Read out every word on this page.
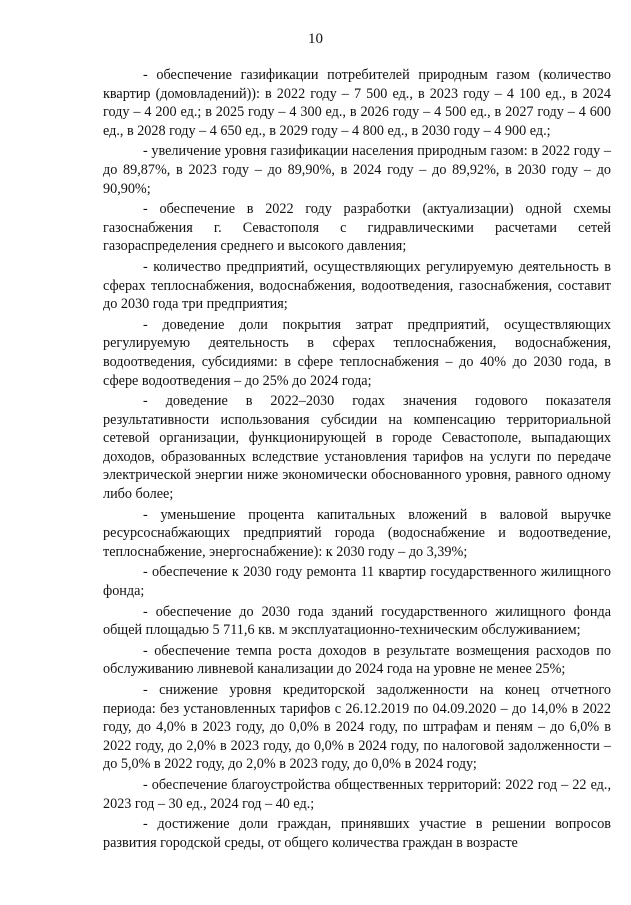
10

- обеспечение газификации потребителей природным газом (количество квартир (домовладений)): в 2022 году – 7 500 ед., в 2023 году – 4 100 ед., в 2024 году – 4 200 ед.; в 2025 году – 4 300 ед., в 2026 году – 4 500 ед., в 2027 году – 4 600 ед., в 2028 году – 4 650 ед., в 2029 году – 4 800 ед., в 2030 году – 4 900 ед.;

- увеличение уровня газификации населения природным газом: в 2022 году – до 89,87%, в 2023 году – до 89,90%, в 2024 году – до 89,92%, в 2030 году – до 90,90%;

- обеспечение в 2022 году разработки (актуализации) одной схемы газоснабжения г. Севастополя с гидравлическими расчетами сетей газораспределения среднего и высокого давления;

- количество предприятий, осуществляющих регулируемую деятельность в сферах теплоснабжения, водоснабжения, водоотведения, газоснабжения, составит до 2030 года три предприятия;

- доведение доли покрытия затрат предприятий, осуществляющих регулируемую деятельность в сферах теплоснабжения, водоснабжения, водоотведения, субсидиями: в сфере теплоснабжения – до 40% до 2030 года, в сфере водоотведения – до 25% до 2024 года;

- доведение в 2022–2030 годах значения годового показателя результативности использования субсидии на компенсацию территориальной сетевой организации, функционирующей в городе Севастополе, выпадающих доходов, образованных вследствие установления тарифов на услуги по передаче электрической энергии ниже экономически обоснованного уровня, равного одному либо более;

- уменьшение процента капитальных вложений в валовой выручке ресурсоснабжающих предприятий города (водоснабжение и водоотведение, теплоснабжение, энергоснабжение): к 2030 году – до 3,39%;

- обеспечение к 2030 году ремонта 11 квартир государственного жилищного фонда;

- обеспечение до 2030 года зданий государственного жилищного фонда общей площадью 5 711,6 кв. м эксплуатационно-техническим обслуживанием;

- обеспечение темпа роста доходов в результате возмещения расходов по обслуживанию ливневой канализации до 2024 года на уровне не менее 25%;

- снижение уровня кредиторской задолженности на конец отчетного периода: без установленных тарифов с 26.12.2019 по 04.09.2020 – до 14,0% в 2022 году, до 4,0% в 2023 году, до 0,0% в 2024 году, по штрафам и пеням – до 6,0% в 2022 году, до 2,0% в 2023 году, до 0,0% в 2024 году, по налоговой задолженности – до 5,0% в 2022 году, до 2,0% в 2023 году, до 0,0% в 2024 году;

- обеспечение благоустройства общественных территорий: 2022 год – 22 ед., 2023 год – 30 ед., 2024 год – 40 ед.;

- достижение доли граждан, принявших участие в решении вопросов развития городской среды, от общего количества граждан в возрасте
